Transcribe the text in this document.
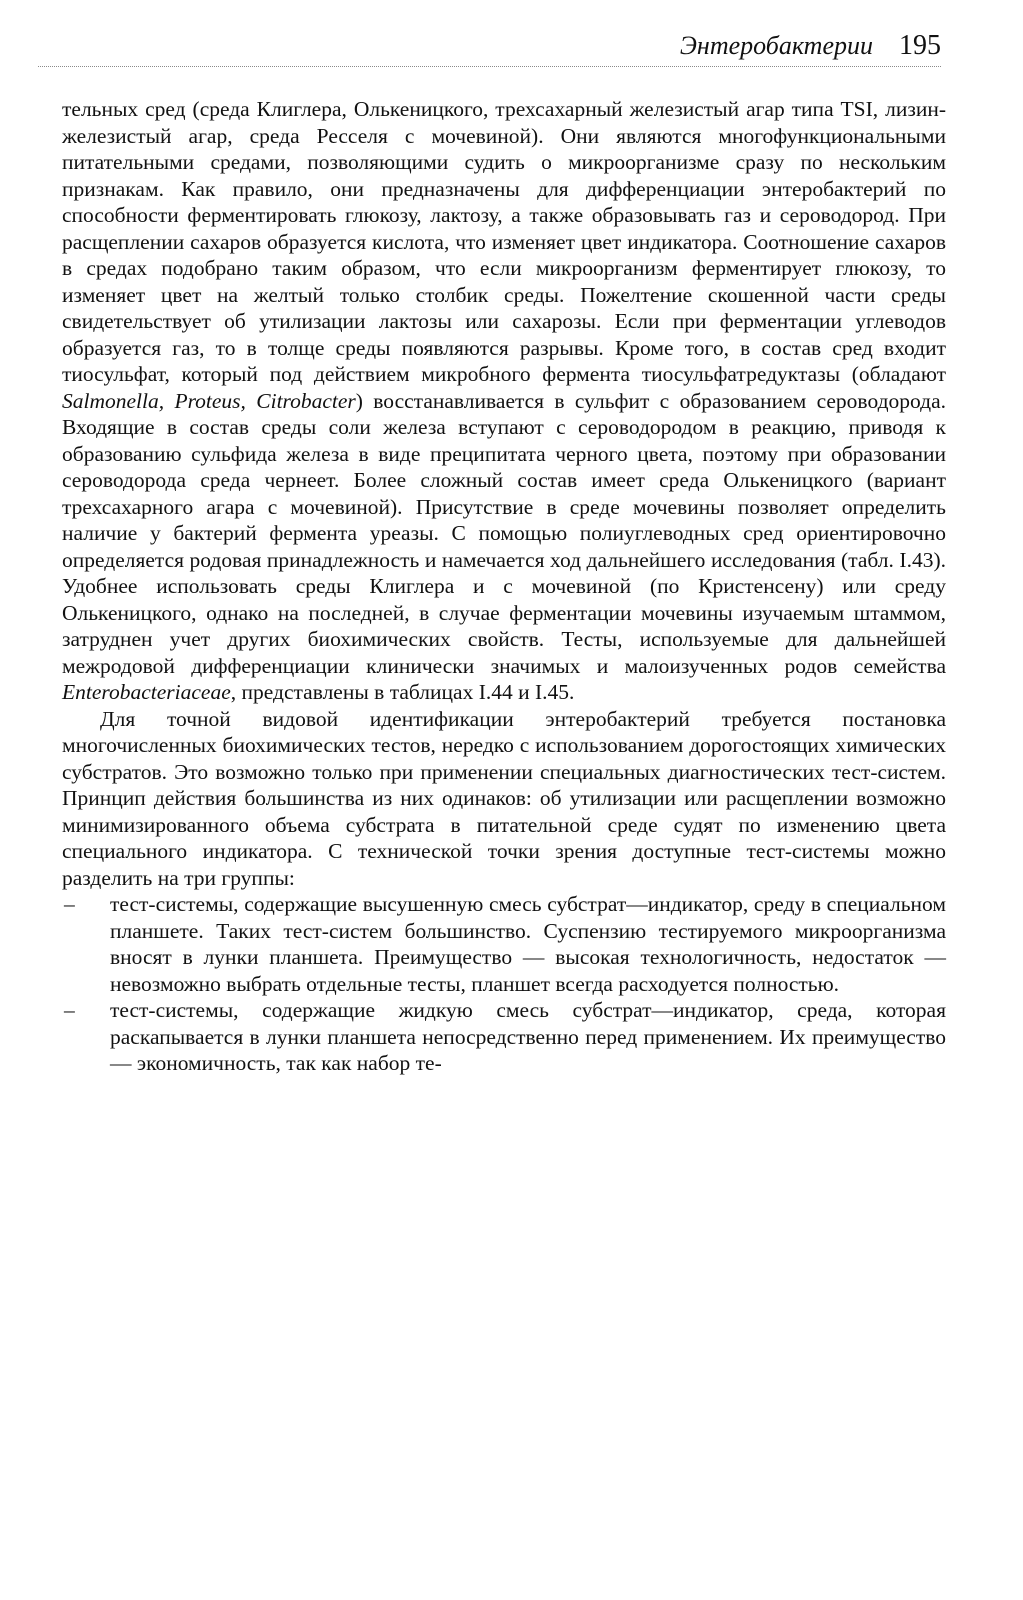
Энтеробактерии 195

тельных сред (среда Клиглера, Олькеницкого, трехсахарный железистый агар типа TSI, лизин-железистый агар, среда Ресселя с мочевиной). Они являются многофункциональными питательными средами, позволяющими судить о микроорганизме сразу по нескольким признакам. Как правило, они предназначены для дифференциации энтеробактерий по способности ферментировать глюкозу, лактозу, а также образовывать газ и сероводород. При расщеплении сахаров образуется кислота, что изменяет цвет индикатора. Соотношение сахаров в средах подобрано таким образом, что если микроорганизм ферментирует глюкозу, то изменяет цвет на желтый только столбик среды. Пожелтение скошенной части среды свидетельствует об утилизации лактозы или сахарозы. Если при ферментации углеводов образуется газ, то в толще среды появляются разрывы. Кроме того, в состав сред входит тиосульфат, который под действием микробного фермента тиосульфатредуктазы (обладают Salmonella, Proteus, Citrobacter) восстанавливается в сульфит с образованием сероводорода. Входящие в состав среды соли железа вступают с сероводородом в реакцию, приводя к образованию сульфида железа в виде преципитата черного цвета, поэтому при образовании сероводорода среда чернеет. Более сложный состав имеет среда Олькеницкого (вариант трехсахарного агара с мочевиной). Присутствие в среде мочевины позволяет определить наличие у бактерий фермента уреазы. С помощью полиуглеводных сред ориентировочно определяется родовая принадлежность и намечается ход дальнейшего исследования (табл. I.43). Удобнее использовать среды Клиглера и с мочевиной (по Кристенсену) или среду Олькеницкого, однако на последней, в случае ферментации мочевины изучаемым штаммом, затруднен учет других биохимических свойств. Тесты, используемые для дальнейшей межродовой дифференциации клинически значимых и малоизученных родов семейства Enterobacteriaceae, представлены в таблицах I.44 и I.45.

Для точной видовой идентификации энтеробактерий требуется постановка многочисленных биохимических тестов, нередко с использованием дорогостоящих химических субстратов. Это возможно только при применении специальных диагностических тест-систем. Принцип действия большинства из них одинаков: об утилизации или расщеплении возможно минимизированного объема субстрата в питательной среде судят по изменению цвета специального индикатора. С технической точки зрения доступные тест-системы можно разделить на три группы:

– тест-системы, содержащие высушенную смесь субстрат—индикатор, среду в специальном планшете. Таких тест-систем большинство. Суспензию тестируемого микроорганизма вносят в лунки планшета. Преимущество — высокая технологичность, недостаток — невозможно выбрать отдельные тесты, планшет всегда расходуется полностью.
– тест-системы, содержащие жидкую смесь субстрат—индикатор, среда, которая раскапывается в лунки планшета непосредственно перед применением. Их преимущество — экономичность, так как набор те-
